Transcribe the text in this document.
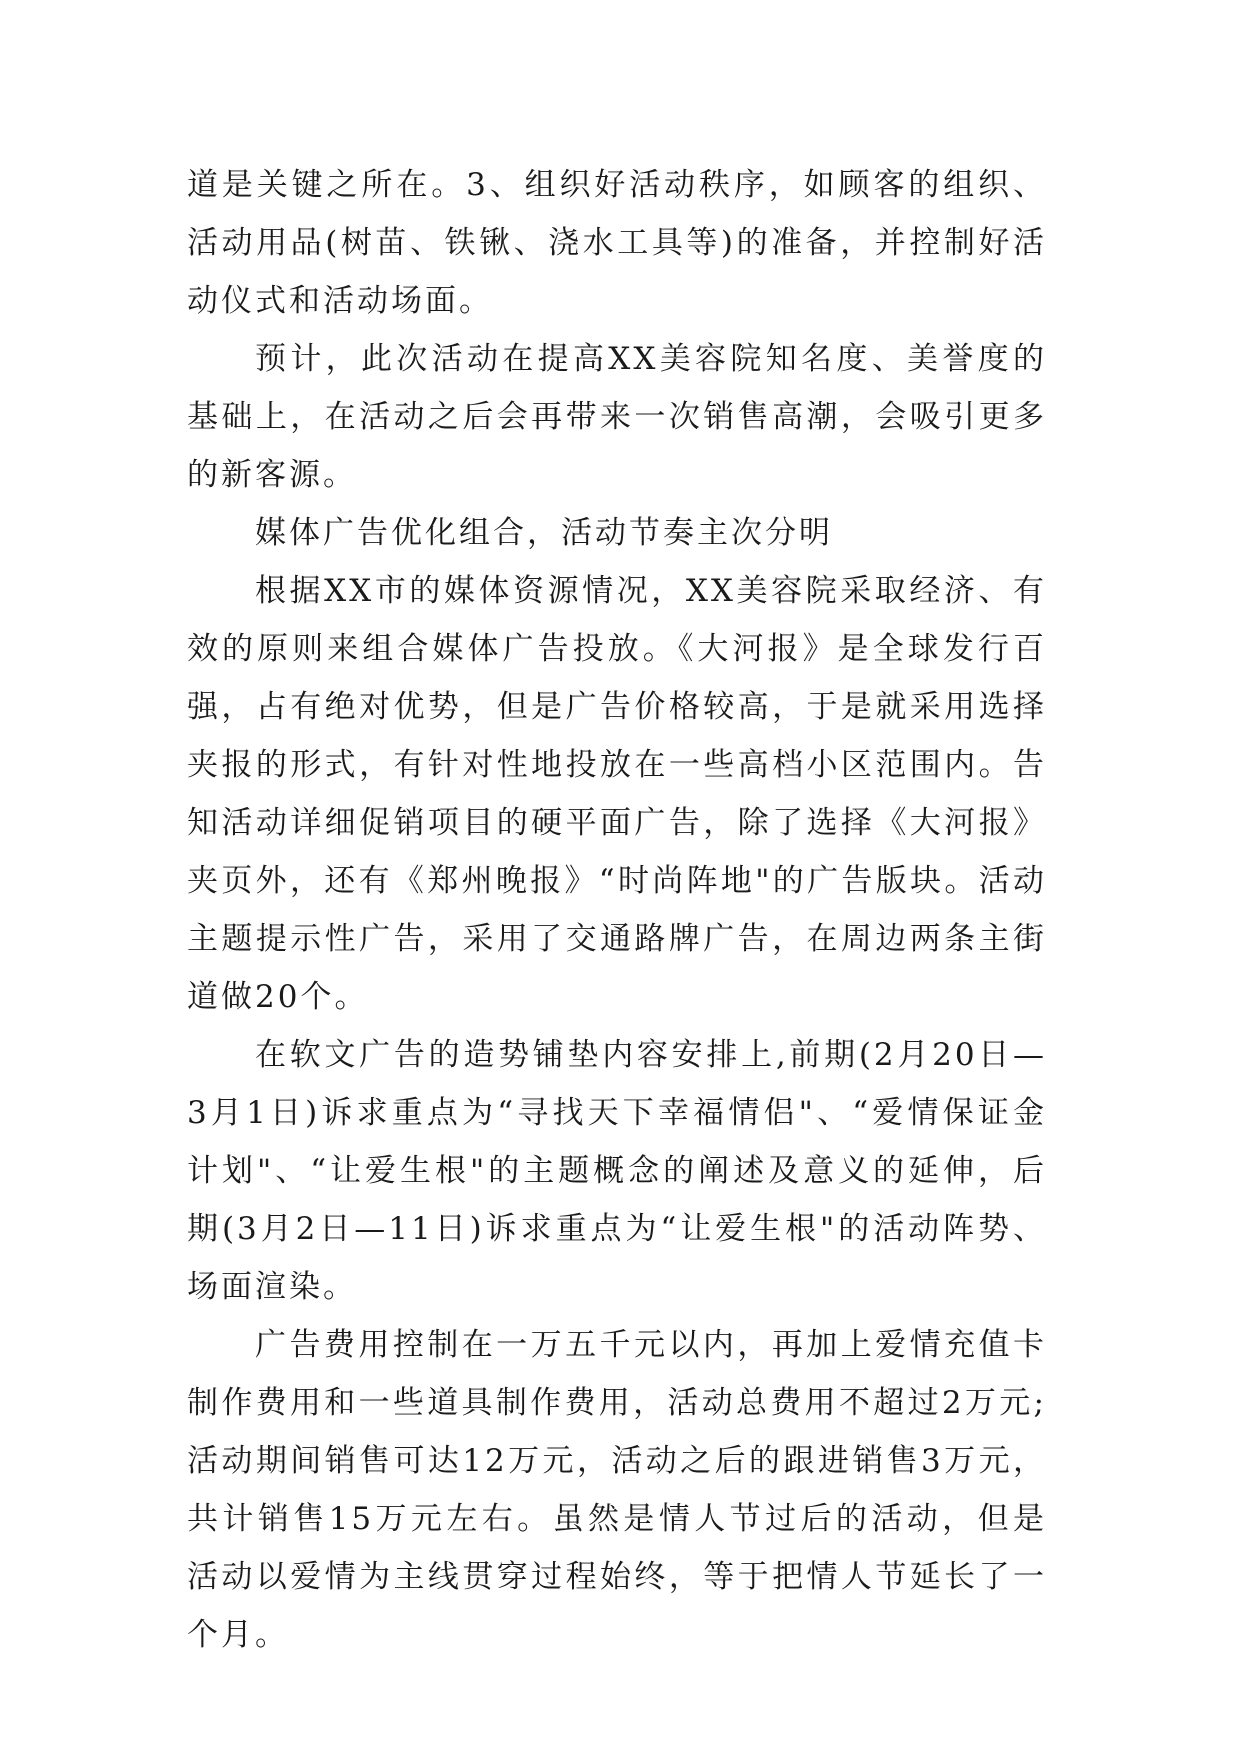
道是关键之所在。3、组织好活动秩序，如顾客的组织、活动用品(树苗、铁锹、浇水工具等)的准备，并控制好活动仪式和活动场面。

预计，此次活动在提高XX美容院知名度、美誉度的基础上，在活动之后会再带来一次销售高潮，会吸引更多的新客源。

媒体广告优化组合，活动节奏主次分明

根据XX市的媒体资源情况，XX美容院采取经济、有效的原则来组合媒体广告投放。《大河报》是全球发行百强，占有绝对优势，但是广告价格较高，于是就采用选择夹报的形式，有针对性地投放在一些高档小区范围内。告知活动详细促销项目的硬平面广告，除了选择《大河报》夹页外，还有《郑州晚报》“时尚阵地"的广告版块。活动主题提示性广告，采用了交通路牌广告，在周边两条主街道做20个。

在软文广告的造势铺垫内容安排上,前期(2月20日—3月1日)诉求重点为“寻找天下幸福情侣"、“爱情保证金计划"、“让爱生根"的主题概念的阐述及意义的延伸，后期(3月2日—11日)诉求重点为“让爱生根"的活动阵势、场面渲染。

广告费用控制在一万五千元以内，再加上爱情充值卡制作费用和一些道具制作费用，活动总费用不超过2万元;活动期间销售可达12万元，活动之后的跟进销售3万元，共计销售15万元左右。虽然是情人节过后的活动，但是活动以爱情为主线贯穿过程始终，等于把情人节延长了一个月。
